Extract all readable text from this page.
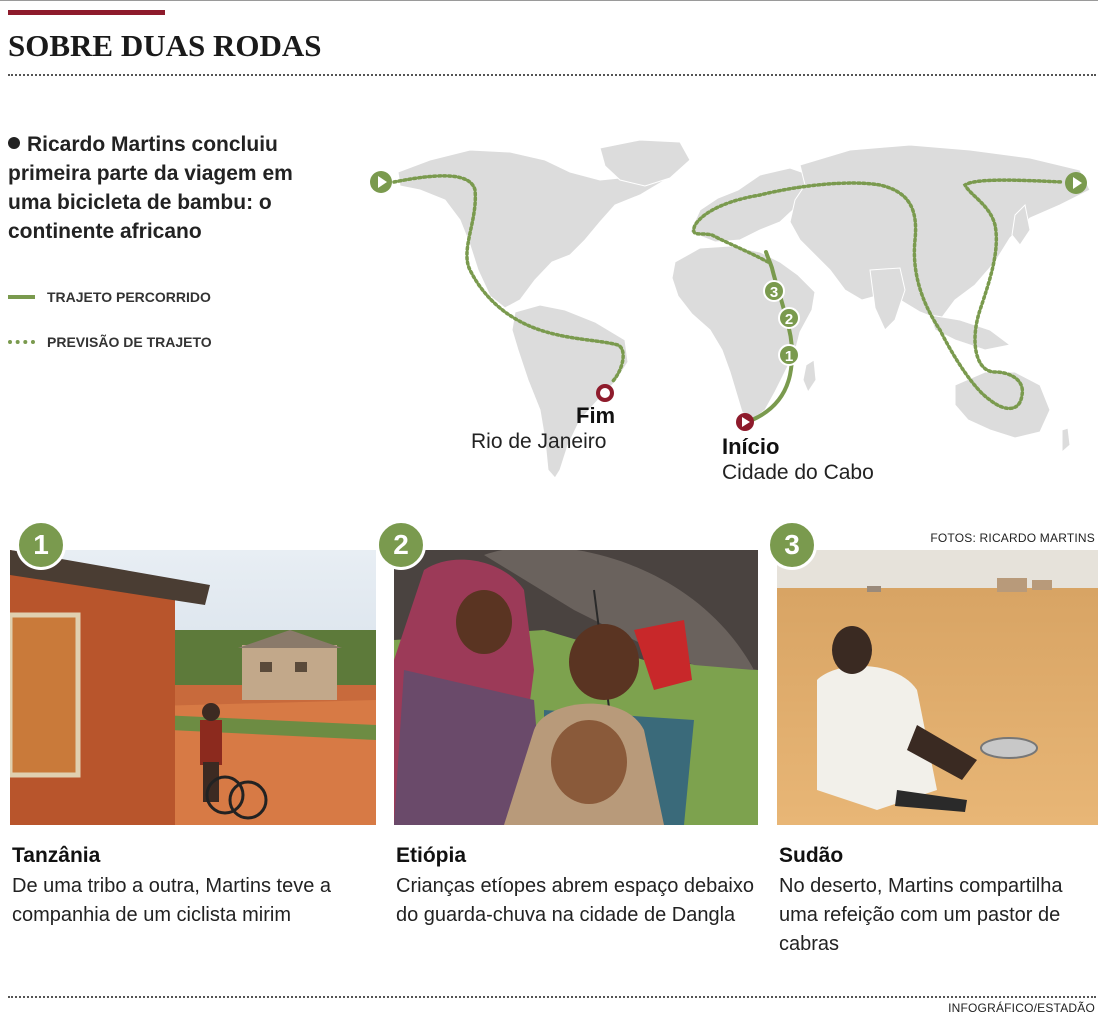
SOBRE DUAS RODAS
Ricardo Martins concluiu primeira parte da viagem em uma bicicleta de bambu: o continente africano
TRAJETO PERCORRIDO
PREVISÃO DE TRAJETO
1
2
3
Fim
Rio de Janeiro	Início
Cidade do Cabo
FOTOS: RICARDO MARTINS
1	2	3
Tanzânia
De uma tribo a outra, Martins teve a companhia de um ciclista mirim
Etiópia
Crianças etíopes abrem espaço debaixo do guarda-chuva na cidade de Dangla
Sudão
No deserto, Martins compartilha uma refeição com um pastor de cabras
INFOGRÁFICO/ESTADÃO
